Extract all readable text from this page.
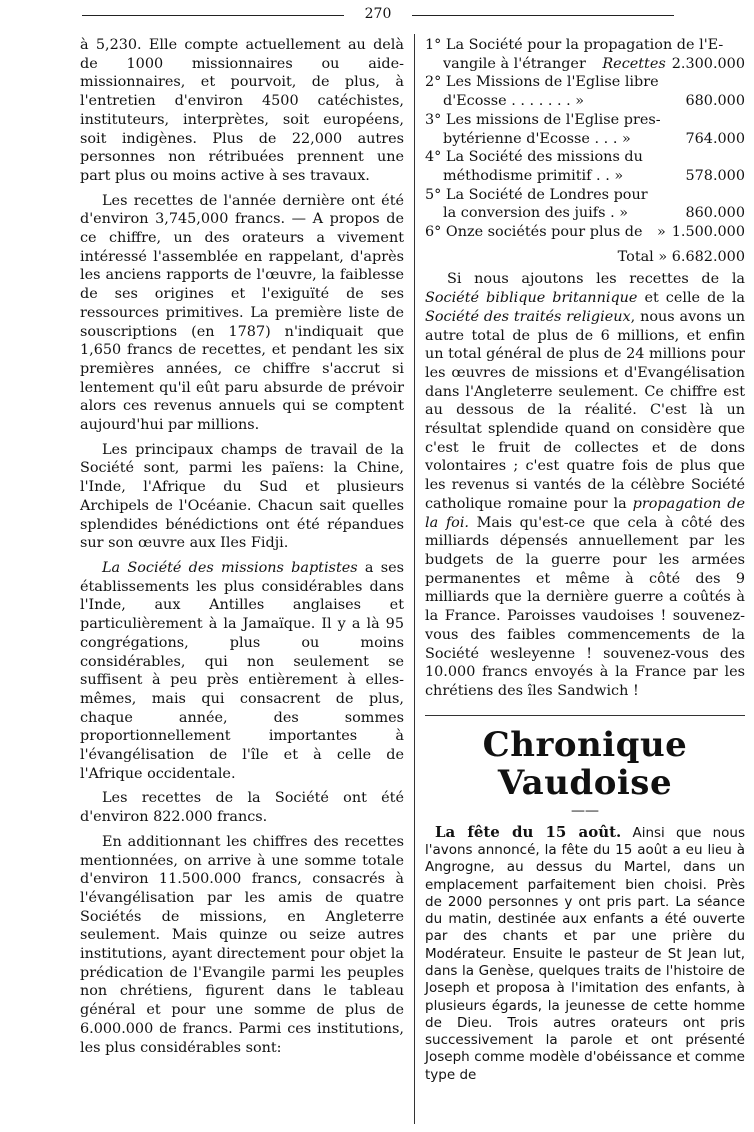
270

à 5,230. Elle compte actuellement au delà de 1000 missionnaires ou aide-missionnaires, et pourvoit, de plus, à l'entretien d'environ 4500 catéchistes, instituteurs, interprètes, soit européens, soit indigènes. Plus de 22,000 autres personnes non rétribuées prennent une part plus ou moins active à ses travaux.

Les recettes de l'année dernière ont été d'environ 3,745,000 francs. — A propos de ce chiffre, un des orateurs a vivement intéressé l'assemblée en rappelant, d'après les anciens rapports de l'œuvre, la faiblesse de ses origines et l'exiguïté de ses ressources primitives. La première liste de souscriptions (en 1787) n'indiquait que 1,650 francs de recettes, et pendant les six premières années, ce chiffre s'accrut si lentement qu'il eût paru absurde de prévoir alors ces revenus annuels qui se comptent aujourd'hui par millions.

Les principaux champs de travail de la Société sont, parmi les païens: la Chine, l'Inde, l'Afrique du Sud et plusieurs Archipels de l'Océanie. Chacun sait quelles splendides bénédictions ont été répandues sur son œuvre aux Iles Fidji.

La Société des missions baptistes a ses établissements les plus considérables dans l'Inde, aux Antilles anglaises et particulièrement à la Jamaïque. Il y a là 95 congrégations, plus ou moins considérables, qui non seulement se suffisent à peu près entièrement à elles-mêmes, mais qui consacrent de plus, chaque année, des sommes proportionnellement importantes à l'évangélisation de l'île et à celle de l'Afrique occidentale.

Les recettes de la Société ont été d'environ 822.000 francs.

En additionnant les chiffres des recettes mentionnées, on arrive à une somme totale d'environ 11.500.000 francs, consacrés à l'évangélisation par les amis de quatre Sociétés de missions, en Angleterre seulement. Mais quinze ou seize autres institutions, ayant directement pour objet la prédication de l'Evangile parmi les peuples non chrétiens, figurent dans le tableau général et pour une somme de plus de 6.000.000 de francs. Parmi ces institutions, les plus considérables sont:

1° La Société pour la propagation de l'E-
vangile à l'étranger	Recettes 2.300.000
2° Les Missions de l'Eglise libre
d'Ecosse . . . . . . . »	680.000
3° Les missions de l'Eglise pres-
bytérienne d'Ecosse . . . »	764.000
4° La Société des missions du
méthodisme primitif . . »	578.000
5° La Société de Londres pour
la conversion des juifs . »	860.000
6° Onze sociétés pour plus de	» 1.500.000
Total » 6.682.000

Si nous ajoutons les recettes de la Société biblique britannique et celle de la Société des traités religieux, nous avons un autre total de plus de 6 millions, et enfin un total général de plus de 24 millions pour les œuvres de missions et d'Evangélisation dans l'Angleterre seulement. Ce chiffre est au dessous de la réalité. C'est là un résultat splendide quand on considère que c'est le fruit de collectes et de dons volontaires ; c'est quatre fois de plus que les revenus si vantés de la célèbre Société catholique romaine pour la propagation de la foi. Mais qu'est-ce que cela à côté des milliards dépensés annuellement par les budgets de la guerre pour les armées permanentes et même à côté des 9 milliards que la dernière guerre a coûtés à la France. Paroisses vaudoises ! souvenez-vous des faibles commencements de la Société wesleyenne ! souvenez-vous des 10.000 francs envoyés à la France par les chrétiens des îles Sandwich !

Chronique Vaudoise
——

La fête du 15 août. Ainsi que nous l'avons annoncé, la fête du 15 août a eu lieu à Angrogne, au dessus du Martel, dans un emplacement parfaitement bien choisi. Près de 2000 personnes y ont pris part. La séance du matin, destinée aux enfants a été ouverte par des chants et par une prière du Modérateur. Ensuite le pasteur de St Jean lut, dans la Genèse, quelques traits de l'histoire de Joseph et proposa à l'imitation des enfants, à plusieurs égards, la jeunesse de cette homme de Dieu. Trois autres orateurs ont pris successivement la parole et ont présenté Joseph comme modèle d'obéissance et comme type de
